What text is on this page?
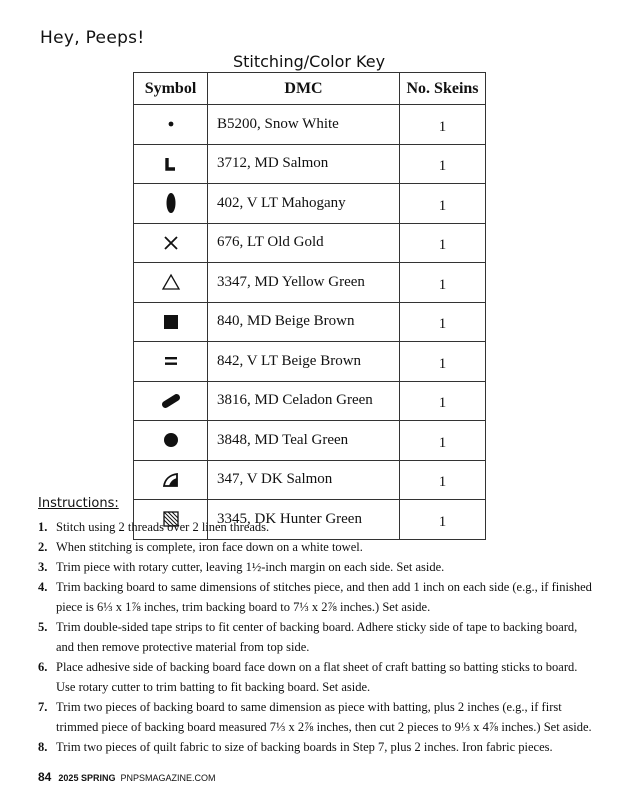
Hey, Peeps!
Stitching/Color Key
Symbol	DMC	No. Skeins

	B5200, Snow White	1

	3712, MD Salmon	1

	402, V LT Mahogany	1

	676, LT Old Gold	1

	3347, MD Yellow Green	1

	840, MD Beige Brown	1

	842, V LT Beige Brown	1

	3816, MD Celadon Green	1

	3848, MD Teal Green	1

	347, V DK Salmon	1

	3345, DK Hunter Green	1
Instructions:
1. Stitch using 2 threads over 2 linen threads.
2. When stitching is complete, iron face down on a white towel.
3. Trim piece with rotary cutter, leaving 1½-inch margin on each side. Set aside.
4. Trim backing board to same dimensions of stitches piece, and then add 1 inch on each side (e.g., if finished piece is 6⅓ x 1⅞ inches, trim backing board to 7⅓ x 2⅞ inches.) Set aside.
5. Trim double-sided tape strips to fit center of backing board. Adhere sticky side of tape to backing board, and then remove protective material from top side.
6. Place adhesive side of backing board face down on a flat sheet of craft batting so batting sticks to board. Use rotary cutter to trim batting to fit backing board. Set aside.
7. Trim two pieces of backing board to same dimension as piece with batting, plus 2 inches (e.g., if first trimmed piece of backing board measured 7⅓ x 2⅞ inches, then cut 2 pieces to 9⅓ x 4⅞ inches.) Set aside.
8. Trim two pieces of quilt fabric to size of backing boards in Step 7, plus 2 inches. Iron fabric pieces.
84 2025 SPRING PNPSMAGAZINE.COM	PassionForum.ru
